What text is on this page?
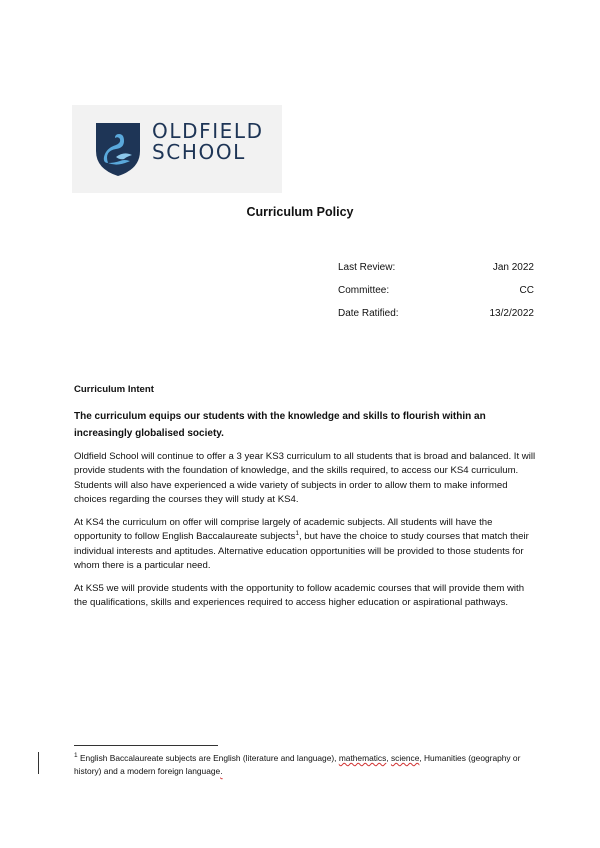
OLDFIELD
SCHOOL
Curriculum Policy
Last Review:	Jan 2022
Committee:	CC
Date Ratified:	13/2/2022

Curriculum Intent

The curriculum equips our students with the knowledge and skills to flourish within an increasingly globalised society.

Oldfield School will continue to offer a 3 year KS3 curriculum to all students that is broad and balanced. It will provide students with the foundation of knowledge, and the skills required, to access our KS4 curriculum. Students will also have experienced a wide variety of subjects in order to allow them to make informed choices regarding the courses they will study at KS4.

At KS4 the curriculum on offer will comprise largely of academic subjects. All students will have the opportunity to follow English Baccalaureate subjects$^1$, but have the choice to study courses that match their individual interests and aptitudes. Alternative education opportunities will be provided to those students for whom there is a particular need.

At KS5 we will provide students with the opportunity to follow academic courses that will provide them with the qualifications, skills and experiences required to access higher education or aspirational pathways.

$^1$ English Baccalaureate subjects are English (literature and language), mathematics, science, Humanities (geography or history) and a modern foreign language.
